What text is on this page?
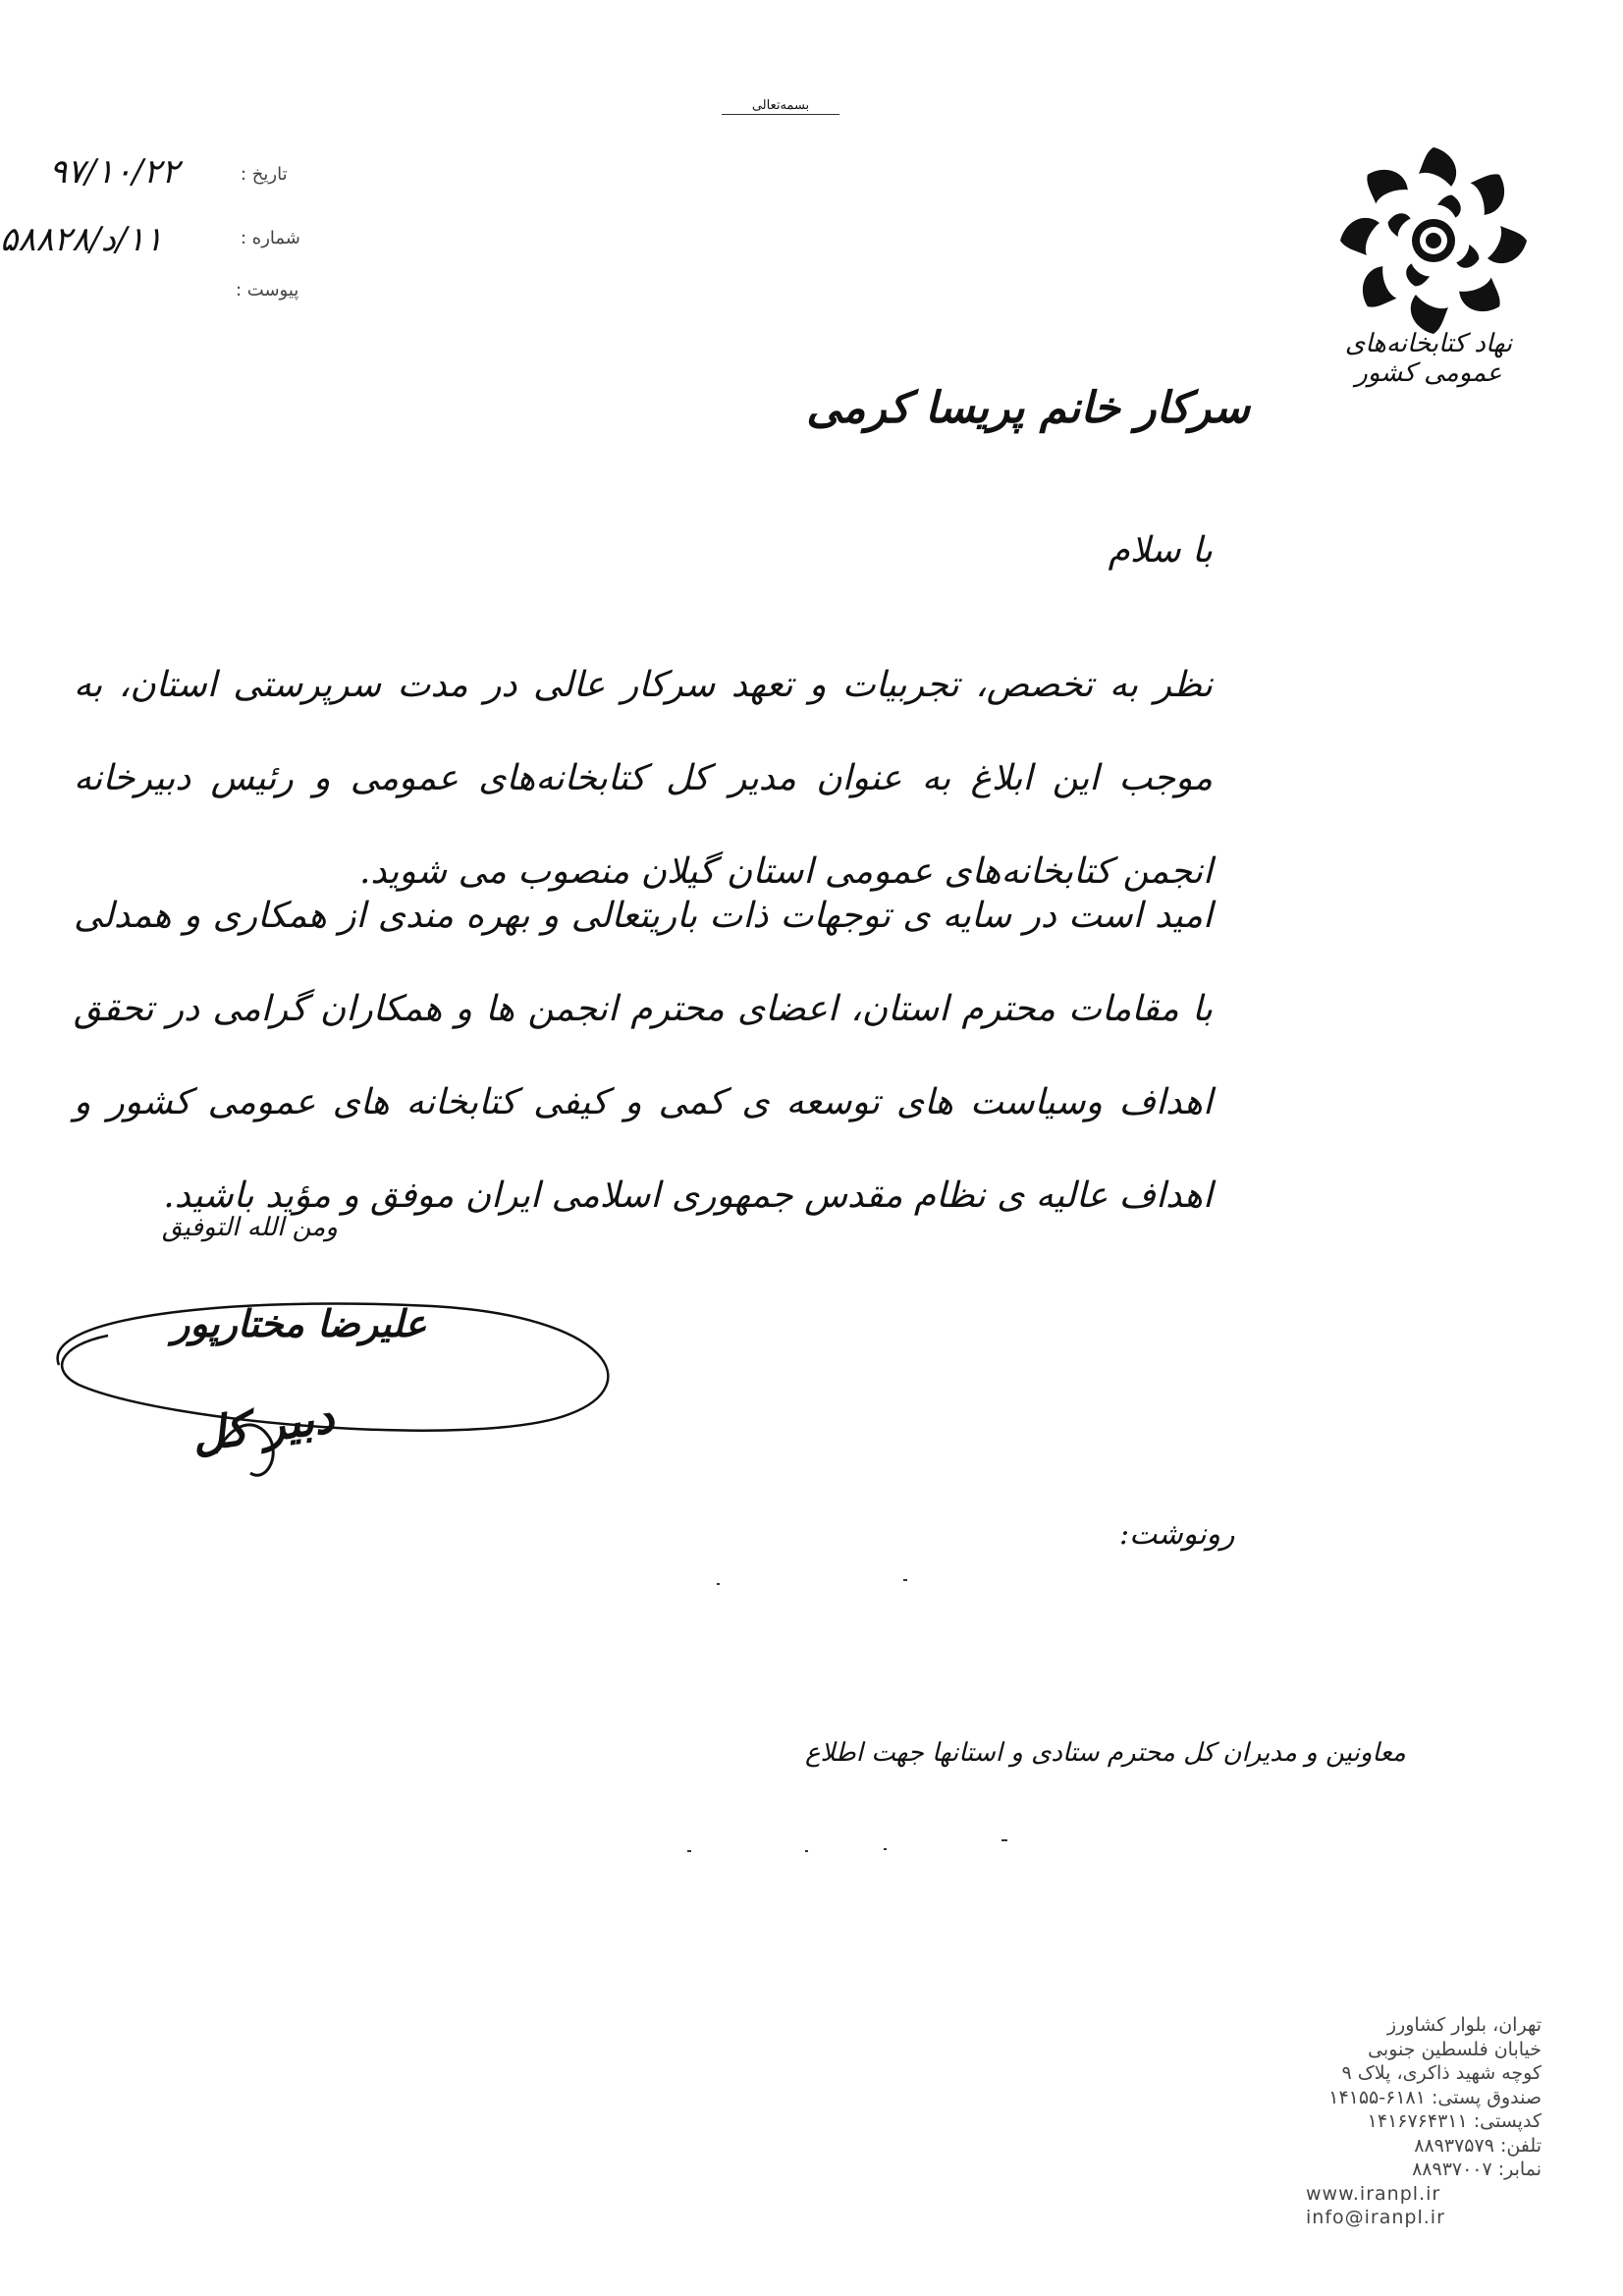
بسمه‌تعالی
۹۷/۱۰/۲۲	تاریخ :
۱۱/د/۵۸۸۲۸	شماره :
پیوست :
نهاد کتابخانه‌های عمومی کشور
سرکار خانم پریسا کرمی
با سلام
نظر به تخصص، تجربیات و تعهد سرکار عالی در مدت سرپرستی استان، به موجب این ابلاغ به عنوان مدیر کل کتابخانه‌های عمومی و رئیس دبیرخانه انجمن کتابخانه‌های عمومی استان گیلان منصوب می شوید.
امید است در سایه ی توجهات ذات باریتعالی و بهره مندی از همکاری و همدلی با مقامات محترم استان، اعضای محترم انجمن ها و همکاران گرامی در تحقق اهداف وسیاست های توسعه ی کمی و کیفی کتابخانه های عمومی کشور و اهداف عالیه ی نظام مقدس جمهوری اسلامی ایران موفق و مؤید باشید.
ومن الله التوفیق
علیرضا مختارپور
دبیر کل
رونوشت:
معاونین و مدیران کل محترم ستادی و استانها جهت اطلاع
تهران، بلوار کشاورز
خیابان فلسطین جنوبی
کوچه شهید ذاکری، پلاک ۹
صندوق پستی: ۶۱۸۱-۱۴۱۵۵
کدپستی: ۱۴۱۶۷۶۴۳۱۱
تلفن: ۸۸۹۳۷۵۷۹
نمابر: ۸۸۹۳۷۰۰۷
www.iranpl.ir
info@iranpl.ir
